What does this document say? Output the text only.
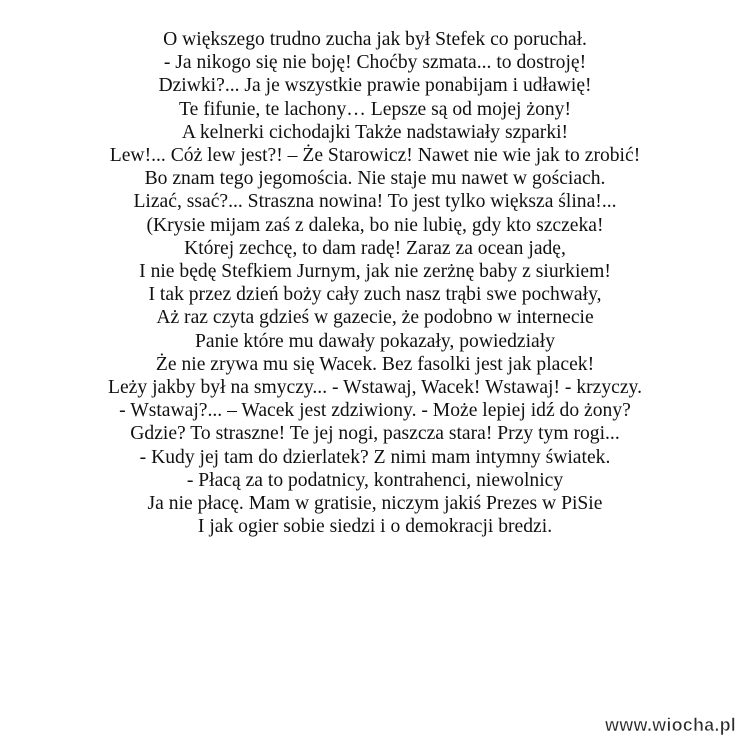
O większego trudno zucha jak był Stefek co poruchał.
- Ja nikogo się nie boję! Choćby szmata... to dostroję!
Dziwki?... Ja je wszystkie prawie ponabijam i udławię!
Te fifunie, te lachony… Lepsze są od mojej żony!
A kelnerki cichodajki Także nadstawiały szparki!
Lew!... Cóż lew jest?! – Że Starowicz! Nawet nie wie jak to zrobić!
Bo znam tego jegomościa. Nie staje mu nawet w gościach.
Lizać, ssać?... Straszna nowina! To jest tylko większa ślina!...
(Krysie mijam zaś z daleka, bo nie lubię, gdy kto szczeka!
Której zechcę, to dam radę! Zaraz za ocean jadę,
I nie będę Stefkiem Jurnym, jak nie zerżnę baby z siurkiem!
I tak przez dzień boży cały zuch nasz trąbi swe pochwały,
Aż raz czyta gdzieś w gazecie, że podobno w internecie
Panie które mu dawały pokazały, powiedziały
Że nie zrywa mu się Wacek. Bez fasolki jest jak placek!
Leży jakby był na smyczy... - Wstawaj, Wacek! Wstawaj! - krzyczy.
- Wstawaj?... – Wacek jest zdziwiony. - Może lepiej idź do żony?
Gdzie? To straszne! Te jej nogi, paszcza stara! Przy tym rogi...
- Kudy jej tam do dzierlatek? Z nimi mam intymny światek.
- Płacą za to podatnicy, kontrahenci, niewolnicy
Ja nie płacę. Mam w gratisie, niczym jakiś Prezes w PiSie
I jak ogier sobie siedzi i o demokracji bredzi.
www.wiocha.pl
